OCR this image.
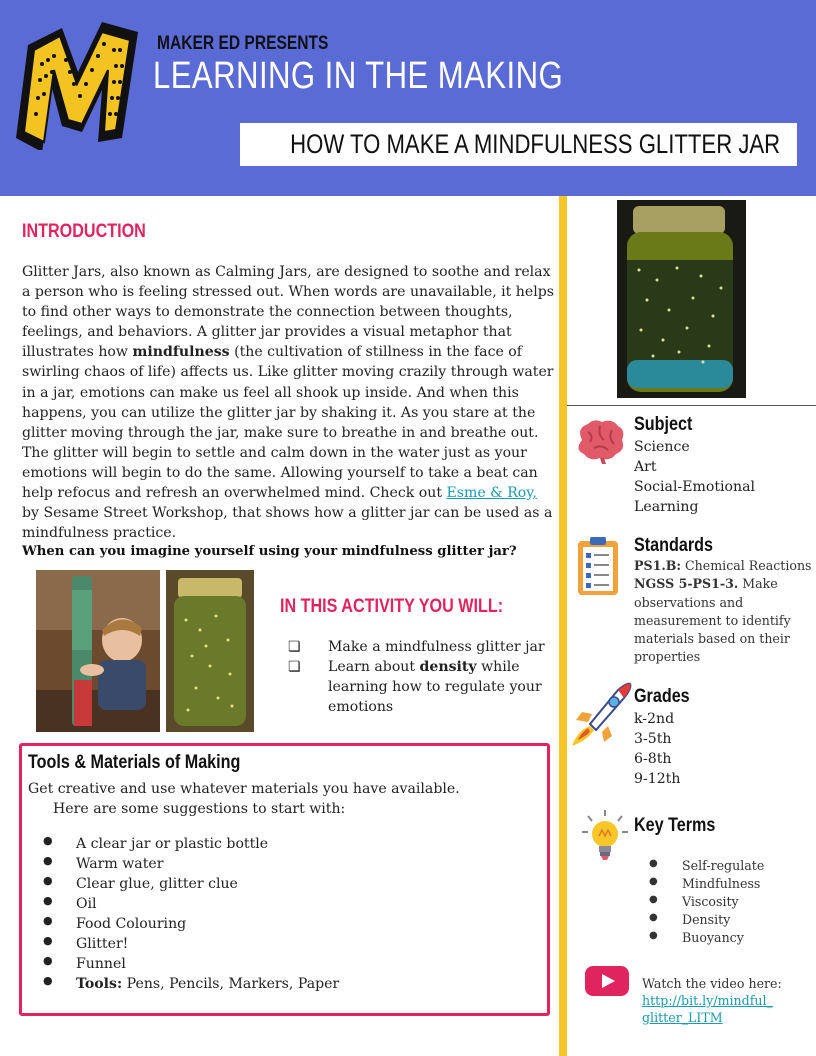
MAKER ED PRESENTS
LEARNING IN THE MAKING
HOW TO MAKE A MINDFULNESS GLITTER JAR
INTRODUCTION
Glitter Jars, also known as Calming Jars, are designed to soothe and relax a person who is feeling stressed out. When words are unavailable, it helps to find other ways to demonstrate the connection between thoughts, feelings, and behaviors. A glitter jar provides a visual metaphor that illustrates how mindfulness (the cultivation of stillness in the face of swirling chaos of life) affects us. Like glitter moving crazily through water in a jar, emotions can make us feel all shook up inside. And when this happens, you can utilize the glitter jar by shaking it. As you stare at the glitter moving through the jar, make sure to breathe in and breathe out. The glitter will begin to settle and calm down in the water just as your emotions will begin to do the same. Allowing yourself to take a beat can help refocus and refresh an overwhelmed mind. Check out Esme & Roy, by Sesame Street Workshop, that shows how a glitter jar can be used as a mindfulness practice.
When can you imagine yourself using your mindfulness glitter jar?
IN THIS ACTIVITY YOU WILL:
❏ Make a mindfulness glitter jar
❏ Learn about density while learning how to regulate your emotions
Tools & Materials of Making
Get creative and use whatever materials you have available.
Here are some suggestions to start with:
● A clear jar or plastic bottle
● Warm water
● Clear glue, glitter clue
● Oil
● Food Colouring
● Glitter!
● Funnel
● Tools: Pens, Pencils, Markers, Paper
Subject
Science
Art
Social-Emotional Learning
Standards
PS1.B: Chemical Reactions
NGSS 5-PS1-3. Make observations and measurement to identify materials based on their properties
Grades
k-2nd
3-5th
6-8th
9-12th
Key Terms
● Self-regulate
● Mindfulness
● Viscosity
● Density
● Buoyancy
Watch the video here:
http://bit.ly/mindful_
glitter_LITM
